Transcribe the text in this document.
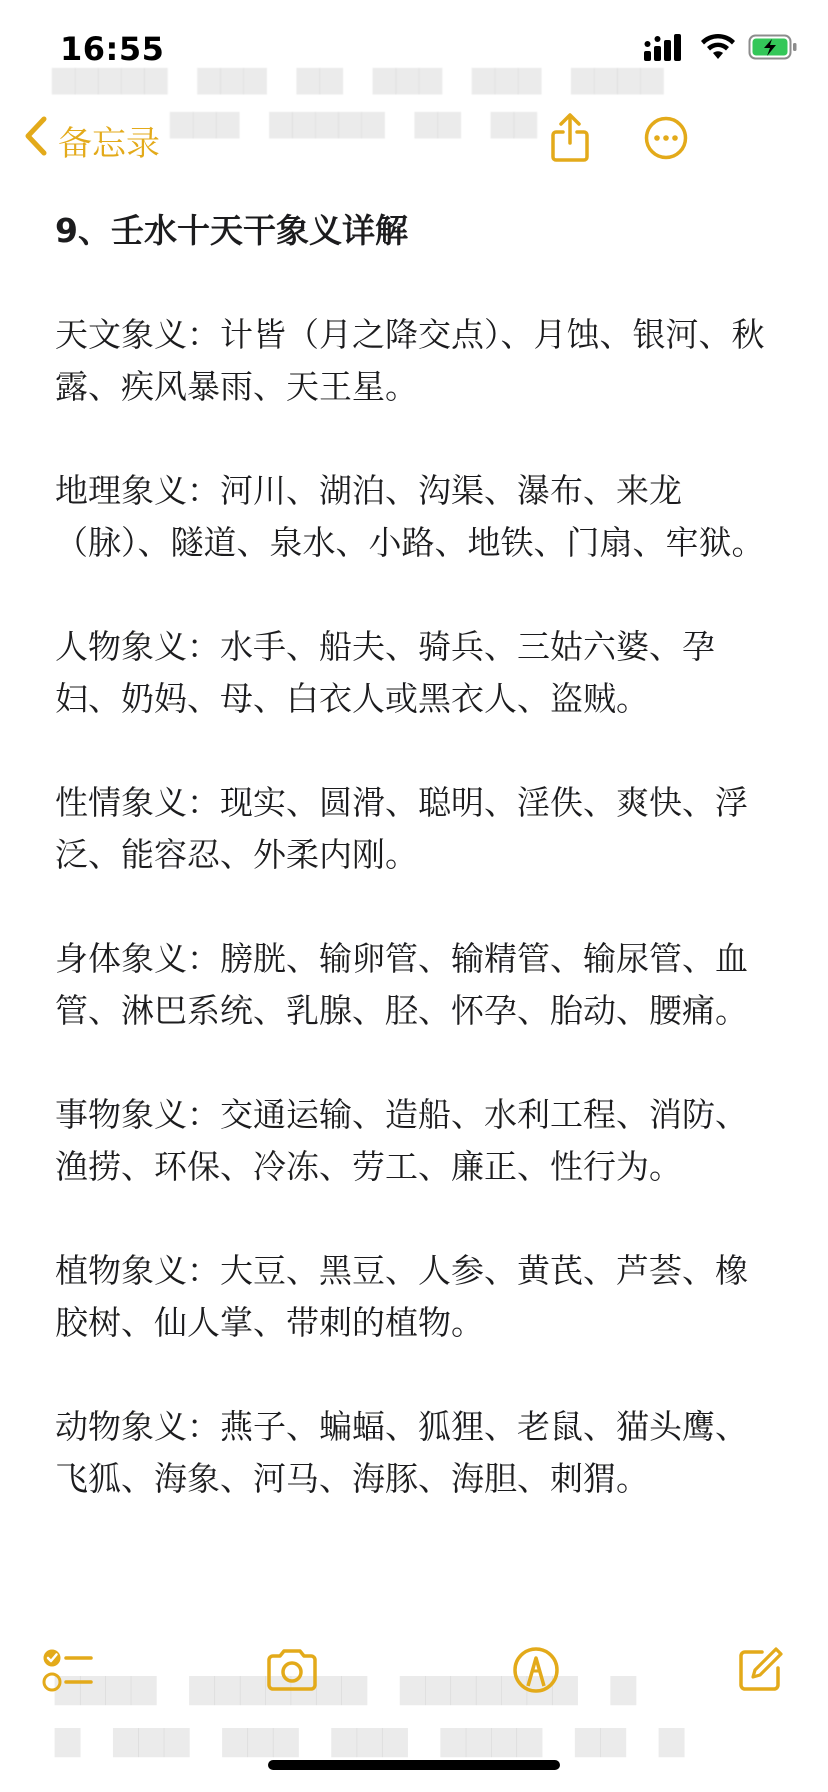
16:55
▆▆▆▆▆　▆▆▆　▆▆　▆▆▆　▆▆▆　▆▆▆▆
▆▆▆　▆▆▆▆▆　▆▆　▆▆
备忘录

9、壬水十天干象义详解

天文象义：计皆（月之降交点）、月蚀、银河、秋露、疾风暴雨、天王星。

地理象义：河川、湖泊、沟渠、瀑布、来龙（脉）、隧道、泉水、小路、地铁、门扇、牢狱。

人物象义：水手、船夫、骑兵、三姑六婆、孕妇、奶妈、母、白衣人或黑衣人、盗贼。

性情象义：现实、圆滑、聪明、淫佚、爽快、浮泛、能容忍、外柔内刚。

身体象义：膀胱、输卵管、输精管、输尿管、血管、淋巴系统、乳腺、胫、怀孕、胎动、腰痛。

事物象义：交通运输、造船、水利工程、消防、渔捞、环保、冷冻、劳工、廉正、性行为。

植物象义：大豆、黑豆、人参、黄芪、芦荟、橡胶树、仙人掌、带刺的植物。

动物象义：燕子、蝙蝠、狐狸、老鼠、猫头鹰、飞狐、海象、河马、海豚、海胆、刺猬。

▆▆▆▆　▆▆▆▆▆▆▆　▆▆▆▆▆▆▆　▆
▆　▆▆▆　▆▆▆　▆▆▆　▆▆▆▆　▆▆　▆
